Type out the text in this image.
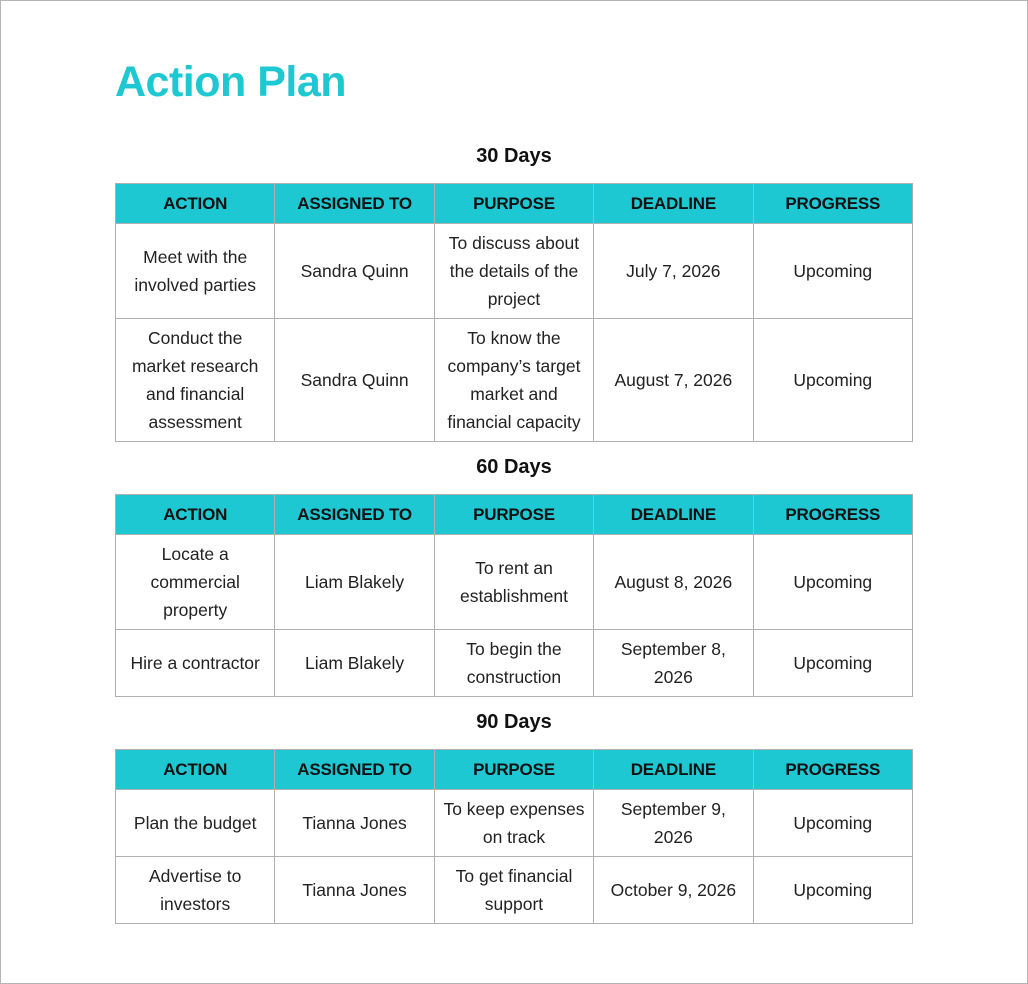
Action Plan
30 Days
ACTION	ASSIGNED TO	PURPOSE	DEADLINE	PROGRESS
Meet with the involved parties	Sandra Quinn	To discuss about the details of the project	July 7, 2026	Upcoming
Conduct the market research and financial assessment	Sandra Quinn	To know the company’s target market and financial capacity	August 7, 2026	Upcoming
60 Days
ACTION	ASSIGNED TO	PURPOSE	DEADLINE	PROGRESS
Locate a commercial property	Liam Blakely	To rent an establishment	August 8, 2026	Upcoming
Hire a contractor	Liam Blakely	To begin the construction	September 8, 2026	Upcoming
90 Days
ACTION	ASSIGNED TO	PURPOSE	DEADLINE	PROGRESS
Plan the budget	Tianna Jones	To keep expenses on track	September 9, 2026	Upcoming
Advertise to investors	Tianna Jones	To get financial support	October 9, 2026	Upcoming
